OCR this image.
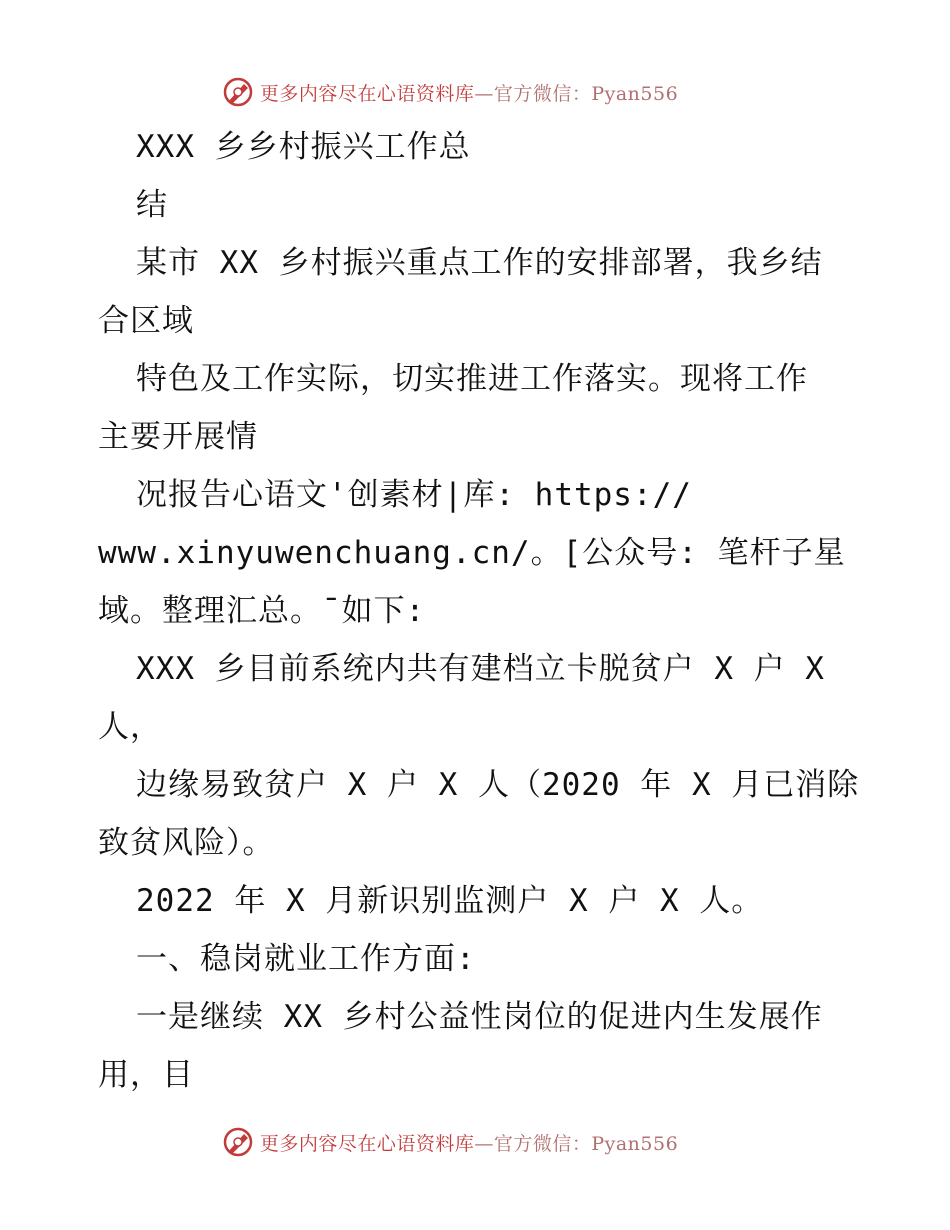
更多内容尽在心语资料库—官方微信：Pyan556
XXX 乡乡村振兴工作总
结
某市 XX 乡村振兴重点工作的安排部署，我乡结
合区域
特色及工作实际，切实推进工作落实。现将工作
主要开展情
况报告心语文'创素材|库: https://
www.xinyuwenchuang.cn/。[公众号: 笔杆子星
域。整理汇总。¯如下:
XXX 乡目前系统内共有建档立卡脱贫户 X 户 X
人，
边缘易致贫户 X 户 X 人（2020 年 X 月已消除
致贫风险）。
2022 年 X 月新识别监测户 X 户 X 人。
一、稳岗就业工作方面:
一是继续 XX 乡村公益性岗位的促进内生发展作
用，目
更多内容尽在心语资料库—官方微信：Pyan556
